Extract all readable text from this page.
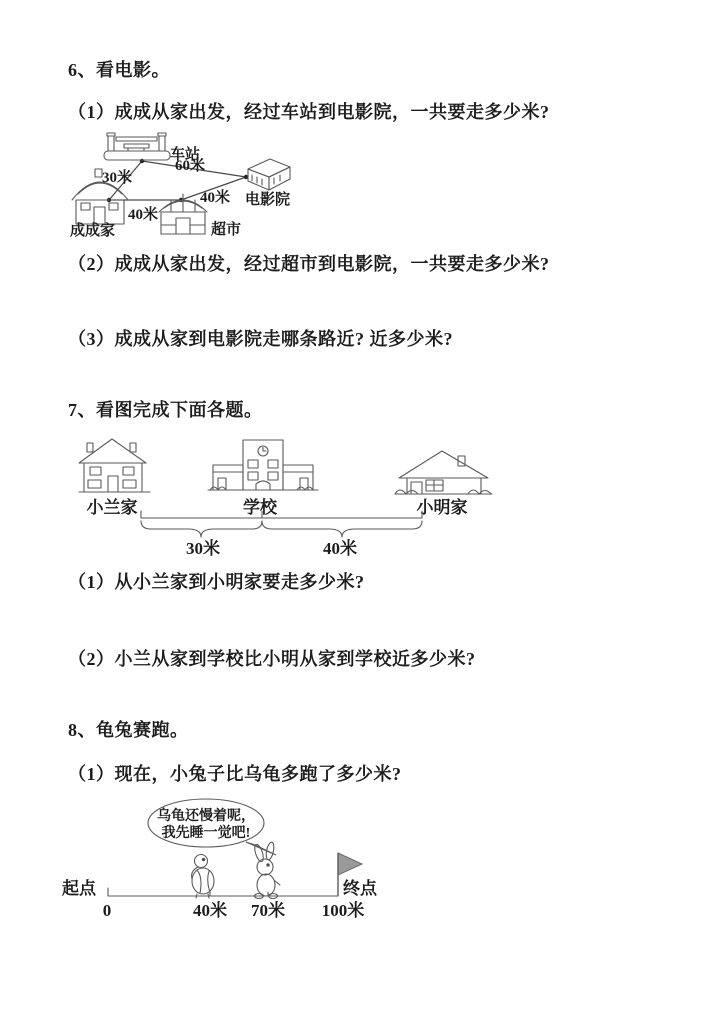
6、看电影。
（1）成成从家出发，经过车站到电影院，一共要走多少米?
车站
电影院
超市
成成家
30米
60米
40米
40米
（2）成成从家出发，经过超市到电影院，一共要走多少米?
（3）成成从家到电影院走哪条路近? 近多少米?
7、看图完成下面各题。
小兰家	学校	小明家
30米	40米
（1）从小兰家到小明家要走多少米?
（2）小兰从家到学校比小明从家到学校近多少米?
8、龟兔赛跑。
（1）现在，小兔子比乌龟多跑了多少米?
乌龟还慢着呢，
我先睡一觉吧!
起点	终点
0	40米 70米 100米
